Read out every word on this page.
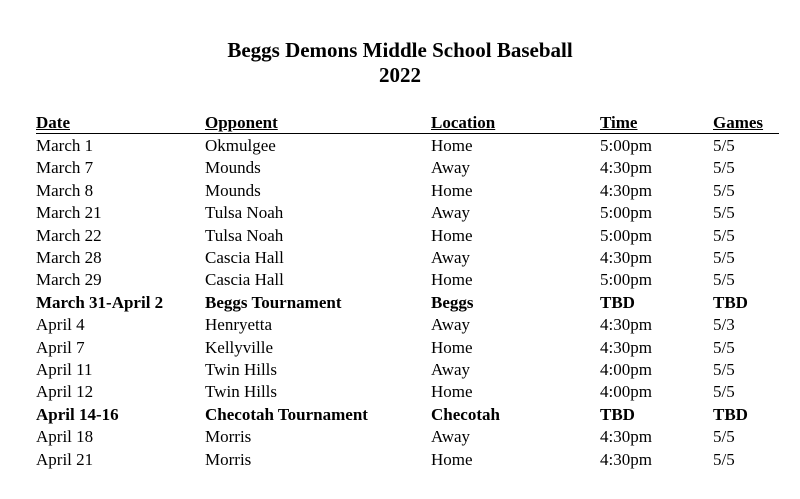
Beggs Demons Middle School Baseball
2022
Date	Opponent	Location	Time	Games
March 1	Okmulgee	Home	5:00pm	5/5
March 7	Mounds	Away	4:30pm	5/5
March 8	Mounds	Home	4:30pm	5/5
March 21	Tulsa Noah	Away	5:00pm	5/5
March 22	Tulsa Noah	Home	5:00pm	5/5
March 28	Cascia Hall	Away	4:30pm	5/5
March 29	Cascia Hall	Home	5:00pm	5/5
March 31-April 2	Beggs Tournament	Beggs	TBD	TBD
April 4	Henryetta	Away	4:30pm	5/3
April 7	Kellyville	Home	4:30pm	5/5
April 11	Twin Hills	Away	4:00pm	5/5
April 12	Twin Hills	Home	4:00pm	5/5
April 14-16	Checotah Tournament	Checotah	TBD	TBD
April 18	Morris	Away	4:30pm	5/5
April 21	Morris	Home	4:30pm	5/5
